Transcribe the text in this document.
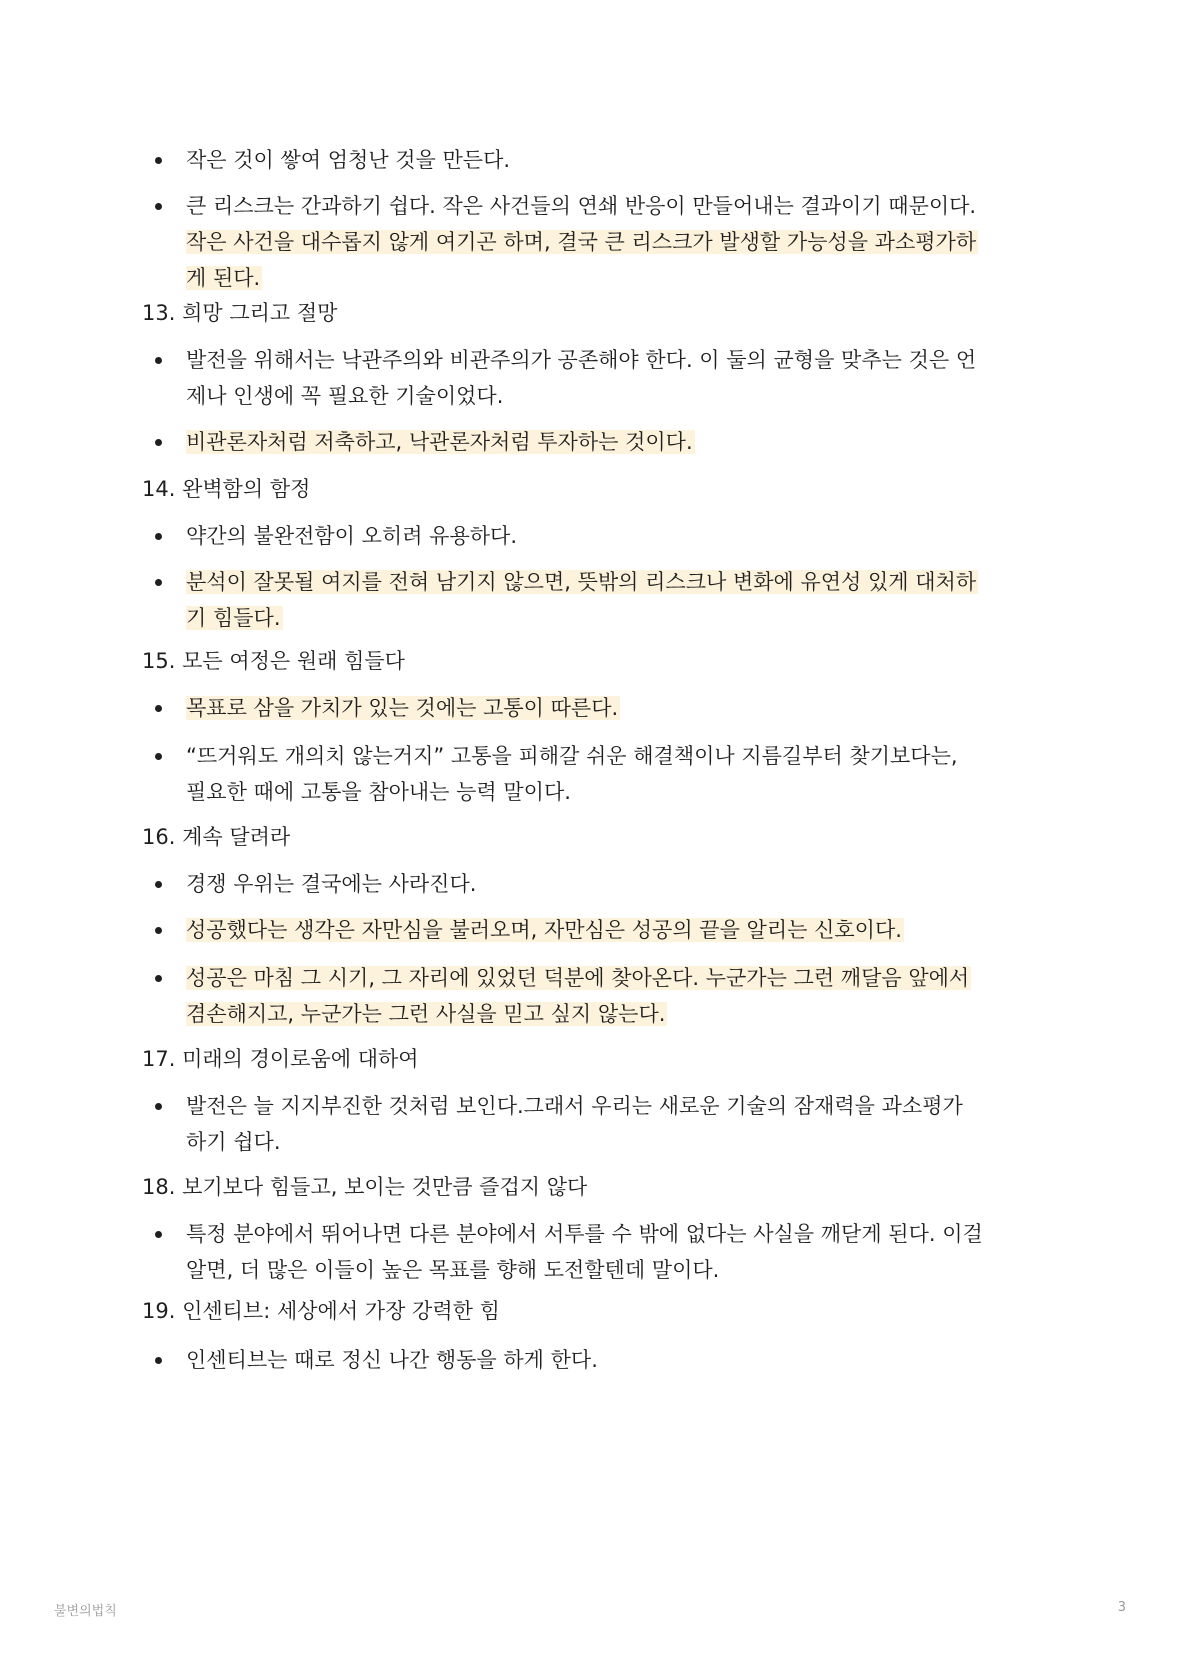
작은 것이 쌓여 엄청난 것을 만든다.
큰 리스크는 간과하기 쉽다. 작은 사건들의 연쇄 반응이 만들어내는 결과이기 때문이다.
작은 사건을 대수롭지 않게 여기곤 하며, 결국 큰 리스크가 발생할 가능성을 과소평가하
게 된다.
13. 희망 그리고 절망
발전을 위해서는 낙관주의와 비관주의가 공존해야 한다. 이 둘의 균형을 맞추는 것은 언
제나 인생에 꼭 필요한 기술이었다.
비관론자처럼 저축하고, 낙관론자처럼 투자하는 것이다.
14. 완벽함의 함정
약간의 불완전함이 오히려 유용하다.
분석이 잘못될 여지를 전혀 남기지 않으면, 뜻밖의 리스크나 변화에 유연성 있게 대처하
기 힘들다.
15. 모든 여정은 원래 힘들다
목표로 삼을 가치가 있는 것에는 고통이 따른다.
“뜨거워도 개의치 않는거지” 고통을 피해갈 쉬운 해결책이나 지름길부터 찾기보다는,
필요한 때에 고통을 참아내는 능력 말이다.
16. 계속 달려라
경쟁 우위는 결국에는 사라진다.
성공했다는 생각은 자만심을 불러오며, 자만심은 성공의 끝을 알리는 신호이다.
성공은 마침 그 시기, 그 자리에 있었던 덕분에 찾아온다. 누군가는 그런 깨달음 앞에서
겸손해지고, 누군가는 그런 사실을 믿고 싶지 않는다.
17. 미래의 경이로움에 대하여
발전은 늘 지지부진한 것처럼 보인다.그래서 우리는 새로운 기술의 잠재력을 과소평가
하기 쉽다.
18. 보기보다 힘들고, 보이는 것만큼 즐겁지 않다
특정 분야에서 뛰어나면 다른 분야에서 서투를 수 밖에 없다는 사실을 깨닫게 된다. 이걸
알면, 더 많은 이들이 높은 목표를 향해 도전할텐데 말이다.
19. 인센티브: 세상에서 가장 강력한 힘
인센티브는 때로 정신 나간 행동을 하게 한다.
불변의법칙	3
